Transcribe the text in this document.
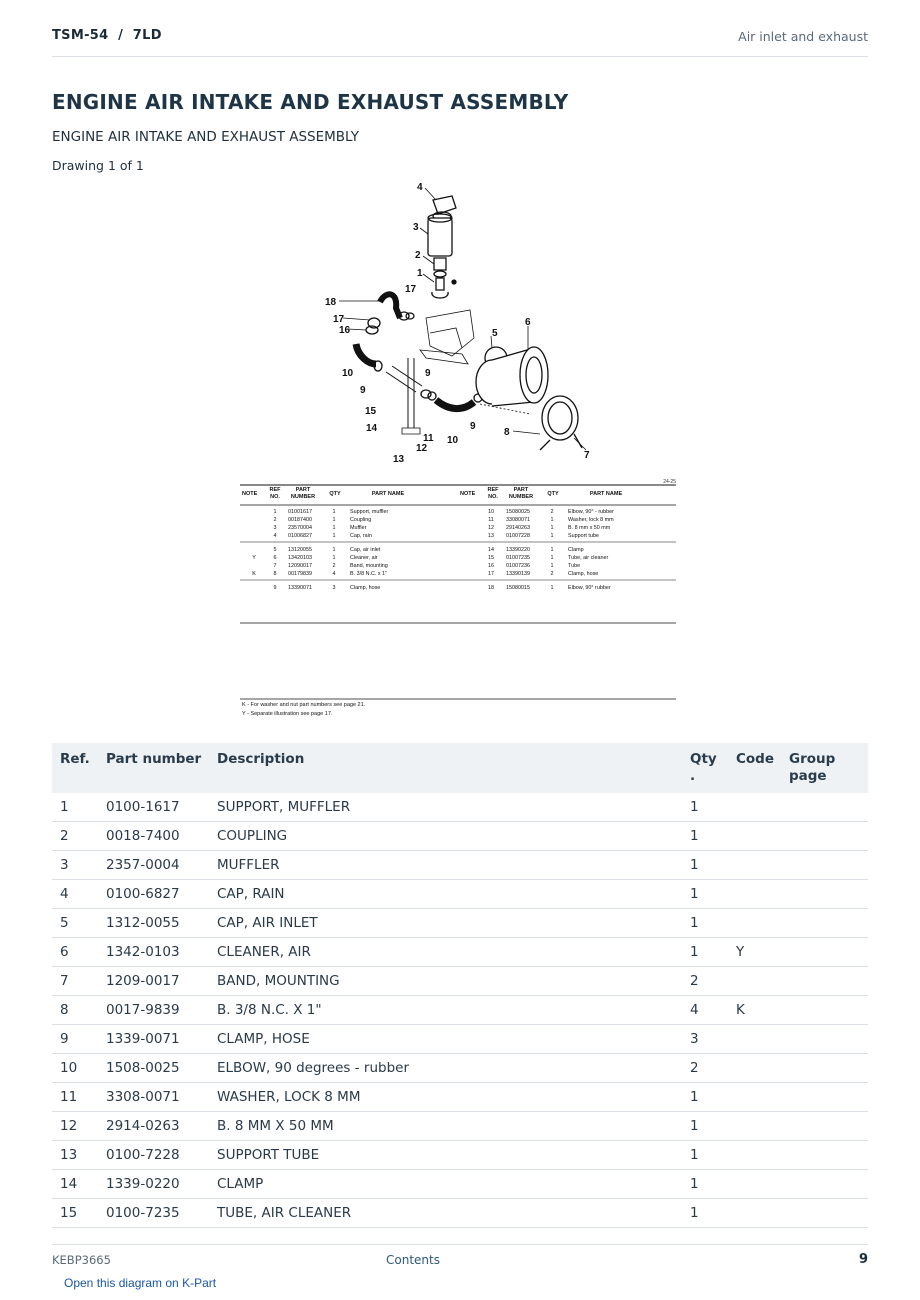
TSM-54  /  7LD	Air inlet and exhaust
ENGINE AIR INTAKE AND EXHAUST ASSEMBLY
ENGINE AIR INTAKE AND EXHAUST ASSEMBLY
Drawing 1 of 1
4
3
2
1
17
18
17
16	5
6
10
9
9
15
14
11
12
13
10
9
8
7
24-25
NOTE
REF
NO.
PART
NUMBER	QTY	PART NAME	NOTE
REF
NO.
PART
NUMBER	QTY	PART NAME
1 01001617	1	Support, muffler
2 00187400	1	Coupling
3 23570004	1	Muffler
4 01006827	1	Cap, rain
5 13120055	1	Cap, air inlet
Y	6 13420103	1	Cleaner, air
7 12090017	2	Band, mounting
K	8 00179839	4	B. 3/8 N.C. x 1"
9 13390071	3	Clamp, hose
10 15080025	2	Elbow, 90° - rubber
11 33080071	1	Washer, lock 8 mm
12 29140263	1	B. 8 mm x 50 mm
13 01007228	1	Support tube
14 13390220	1	Clamp
15 01007235	1	Tube, air cleaner
16 01007236	1	Tube
17 13390139	2	Clamp, hose
18 15080015	1	Elbow, 90° rubber
K - For washer and nut part numbers see page 21.
Y - Separate illustration see page 17.
Ref.	Part number	Description	Qty
.	Code	Group page
1	0100-1617	SUPPORT, MUFFLER	1		
2	0018-7400	COUPLING	1		
3	2357-0004	MUFFLER	1		
4	0100-6827	CAP, RAIN	1		
5	1312-0055	CAP, AIR INLET	1		
6	1342-0103	CLEANER, AIR	1	Y	
7	1209-0017	BAND, MOUNTING	2		
8	0017-9839	B. 3/8 N.C. X 1"	4	K	
9	1339-0071	CLAMP, HOSE	3		
10	1508-0025	ELBOW, 90 degrees - rubber	2		
11	3308-0071	WASHER, LOCK 8 MM	1		
12	2914-0263	B. 8 MM X 50 MM	1		
13	0100-7228	SUPPORT TUBE	1		
14	1339-0220	CLAMP	1		
15	0100-7235	TUBE, AIR CLEANER	1		
KEBP3665	Contents	9
Open this diagram on K-Part
